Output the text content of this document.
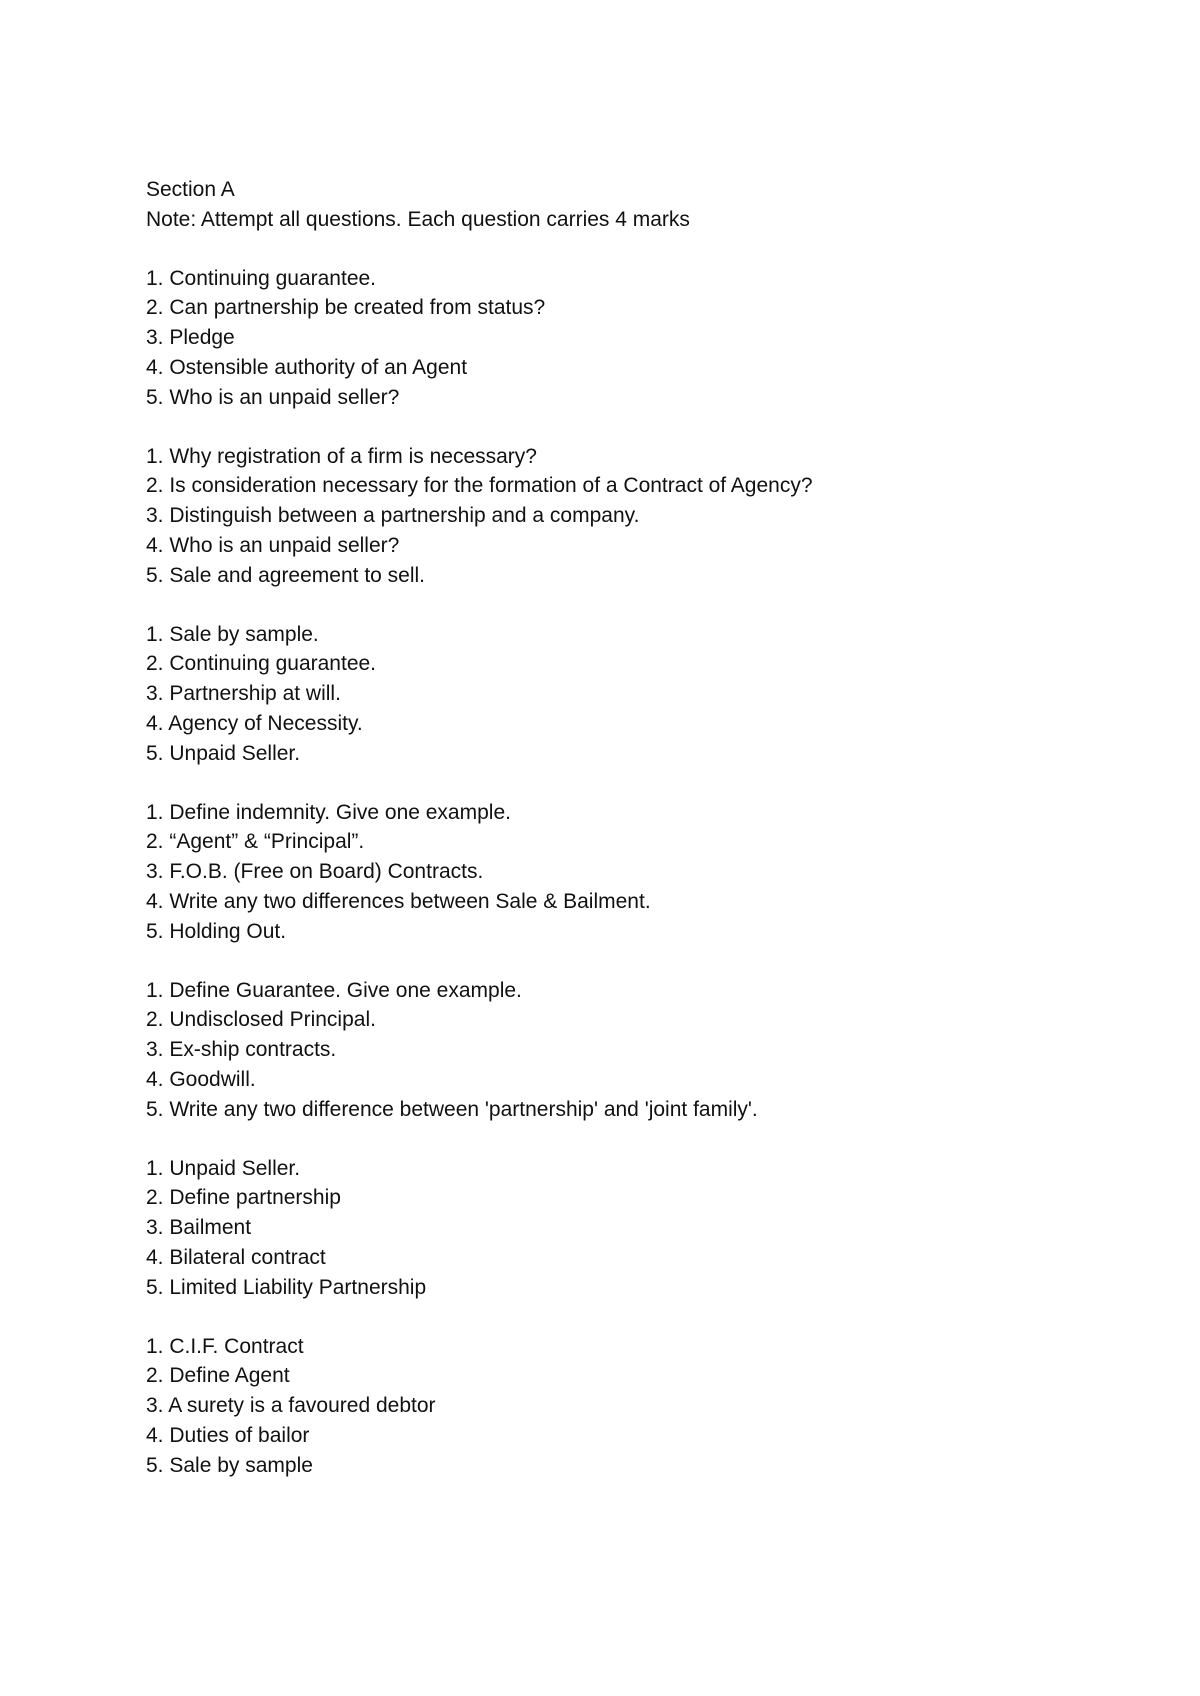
Section A

Note: Attempt all questions. Each question carries 4 marks

1. Continuing guarantee.

2. Can partnership be created from status?

3. Pledge

4. Ostensible authority of an Agent

5. Who is an unpaid seller?

1. Why registration of a firm is necessary?

2. Is consideration necessary for the formation of a Contract of Agency?

3. Distinguish between a partnership and a company.

4. Who is an unpaid seller?

5. Sale and agreement to sell.

1. Sale by sample.

2. Continuing guarantee.

3. Partnership at will.

4. Agency of Necessity.

5. Unpaid Seller.

1. Define indemnity. Give one example.

2. “Agent” & “Principal”.

3. F.O.B. (Free on Board) Contracts.

4. Write any two differences between Sale & Bailment.

5. Holding Out.

1. Define Guarantee. Give one example.

2. Undisclosed Principal.

3. Ex-ship contracts.

4. Goodwill.

5. Write any two difference between 'partnership' and 'joint family'.

1. Unpaid Seller.

2. Define partnership

3. Bailment

4. Bilateral contract

5. Limited Liability Partnership

1. C.I.F. Contract

2. Define Agent

3. A surety is a favoured debtor

4. Duties of bailor

5. Sale by sample
